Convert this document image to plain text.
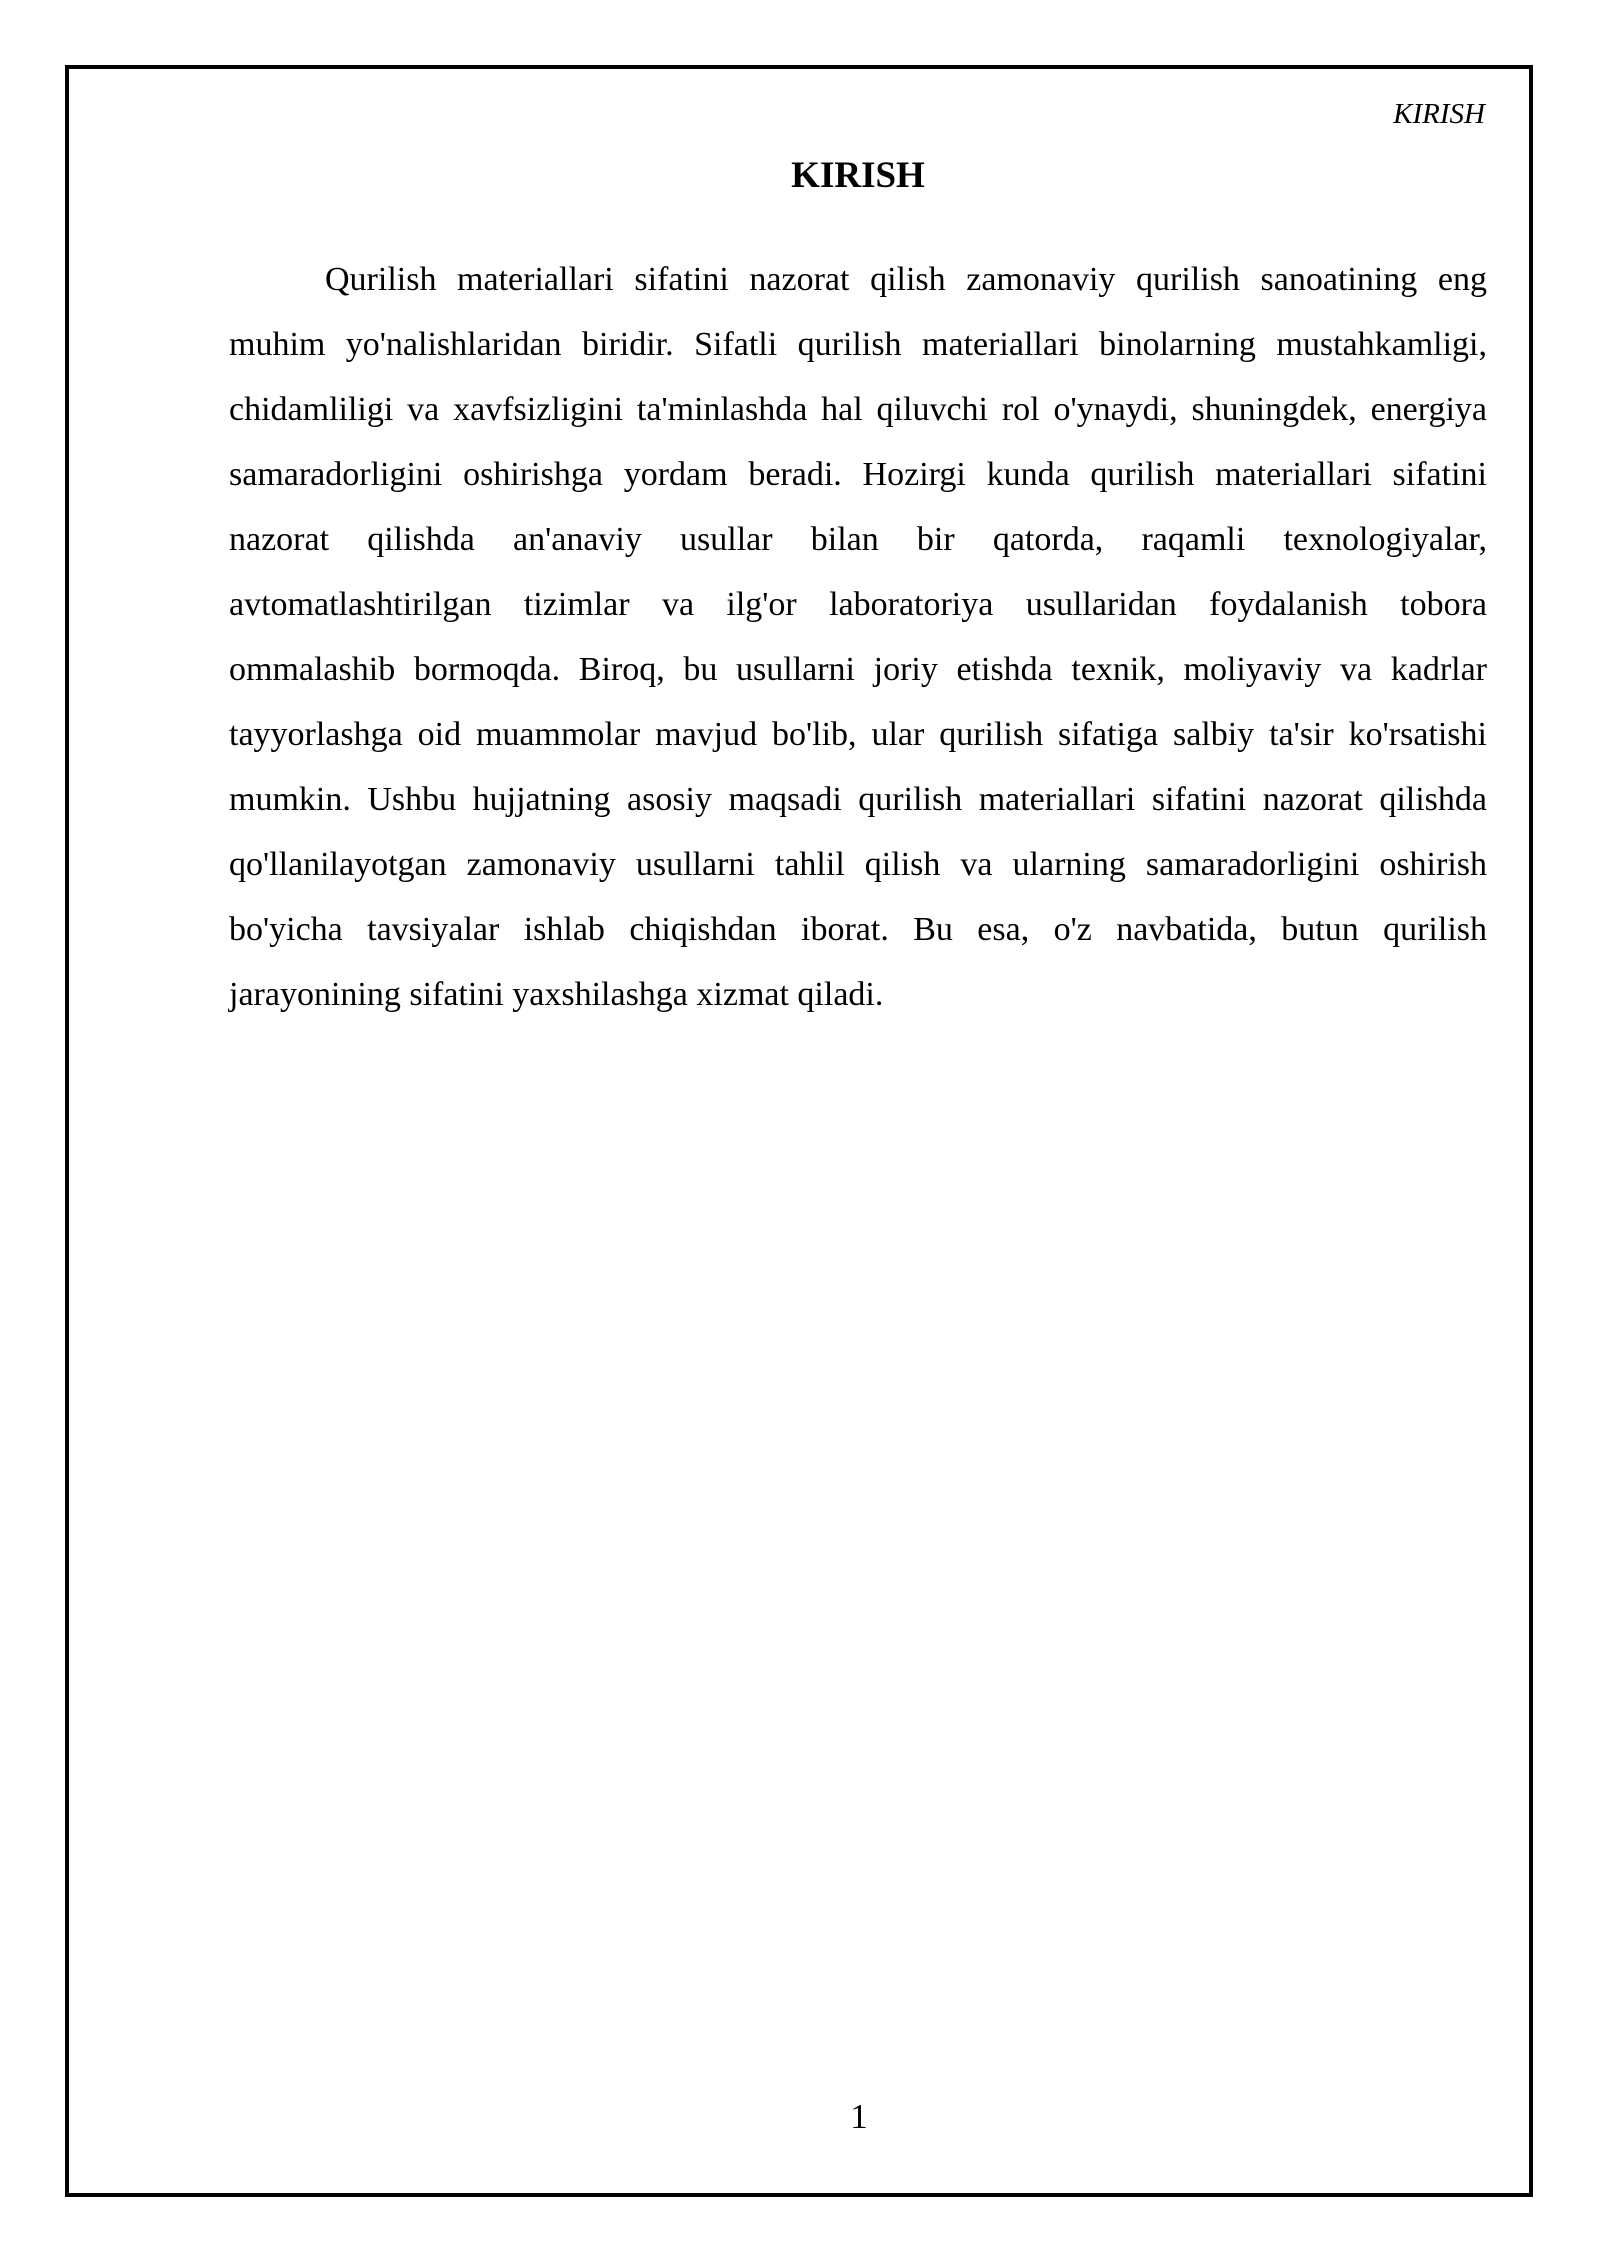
KIRISH
KIRISH

Qurilish materiallari sifatini nazorat qilish zamonaviy qurilish sanoatining eng muhim yo'nalishlaridan biridir. Sifatli qurilish materiallari binolarning mustahkamligi, chidamliligi va xavfsizligini ta'minlashda hal qiluvchi rol o'ynaydi, shuningdek, energiya samaradorligini oshirishga yordam beradi. Hozirgi kunda qurilish materiallari sifatini nazorat qilishda an'anaviy usullar bilan bir qatorda, raqamli texnologiyalar, avtomatlashtirilgan tizimlar va ilg'or laboratoriya usullaridan foydalanish tobora ommalashib bormoqda. Biroq, bu usullarni joriy etishda texnik, moliyaviy va kadrlar tayyorlashga oid muammolar mavjud bo'lib, ular qurilish sifatiga salbiy ta'sir ko'rsatishi mumkin. Ushbu hujjatning asosiy maqsadi qurilish materiallari sifatini nazorat qilishda qo'llanilayotgan zamonaviy usullarni tahlil qilish va ularning samaradorligini oshirish bo'yicha tavsiyalar ishlab chiqishdan iborat. Bu esa, o'z navbatida, butun qurilish jarayonining sifatini yaxshilashga xizmat qiladi.

1
